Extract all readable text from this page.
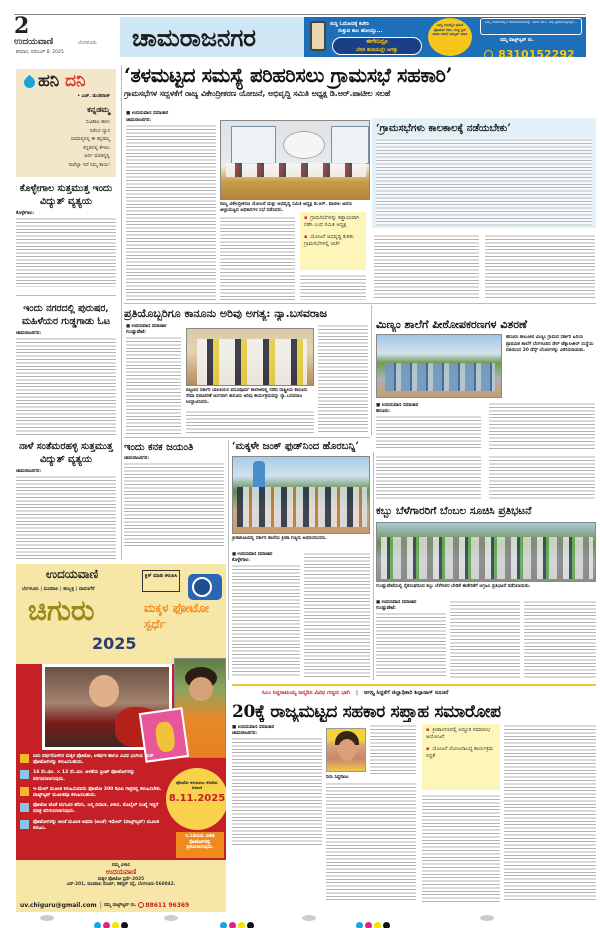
2
ಉದಯವಾಣಿ	ಬೆಂಗಳೂರು
ಶನಿವಾರ, ನವೆಂಬರ್ 8, 2025
ಚಾಮರಾಜನಗರ	ಸುದ್ದಿ ಓದೋದಕ್ಕೆ ಕಚೇರಿ
ಸುತ್ತುವ ಕಾಲ ಹೋಯ್ತು...
ಈಗೇನಿದ್ರೂ
ಬೆರಳ ತುದಿಯಲ್ಲೇ ಜಗತ್ತು
ನಿಮ್ಮ ಊರಲ್ಲಿನ ಘಟನೆ ಫೋಟೋ ಕಳಿಸಿ. ಸುದ್ದಿ ಕ್ಲಿಕ್ ಮಾಡಿ ನಮಗೆ ವಾಟ್ಸಪ್ ಮಾಡಿ
ನಿಮ್ಮ ಊರುಗಳಲ್ಲಿನ ಆಗುಹೋಗುಗಳನ್ನು ನಮಗೆ ತಿಳಿಸಿ. ಅವು ಪ್ರಕಟಗೊಳ್ಳುತ್ತವೆ...
ನಮ್ಮ ವಾಟ್ಸ್ಆ್ಯಪ್ ನಂ.
8310152292
ಹನಿ ದನಿ
• ಎಚ್. ಡುಂಡಿರಾಜ್
ಕನ್ನಡಮ್ಮ
ಸುವಿಶಾಲ ಹಾಳು
ನಡೆಸಿದ ದ್ವಾರ
ಸಾಮಾನ್ಯರಲ್ಲಿ ಈ ಕನ್ನಡಮ್ಮ
ಕನ್ನಡದಲ್ಲಿ ಕೇಳಲು
ಅರ್ಥ ಮಾಡಿದ್ದಲ್ಲಿ
ನಾವೆಲ್ಲಾ ಇದೆ ನಮ್ಮ ತಾಯಿ!
ಕೊಳ್ಳೇಗಾಲ ಸುತ್ತಮುತ್ತ ಇಂದು ವಿದ್ಯುತ್ ವ್ಯತ್ಯಯ
ಕೊಳ್ಳೇಗಾಲ:
ಇಂದು ನಗರದಲ್ಲಿ ಪುರುಷರ, ಮಹಿಳೆಯರ ಗುಡ್ಡಗಾಡು ಓಟ
ಚಾಮರಾಜನಗರ:
ನಾಳೆ ಸಂತೆಮರಹಳ್ಳಿ ಸುತ್ತಮುತ್ತ ವಿದ್ಯುತ್ ವ್ಯತ್ಯಯ
ಚಾಮರಾಜನಗರ:
‘ತಳಮಟ್ಟದ ಸಮಸ್ಯೆ ಪರಿಹರಿಸಲು ಗ್ರಾಮಸಭೆ ಸಹಕಾರಿ’
ಗ್ರಾಮಸಭೆಗಳ ಸದ್ಬಳಕೆಗೆ ರಾಜ್ಯ ವಿಕೇಂದ್ರೀಕರಣ ಯೋಜನೆ, ಅಭಿವೃದ್ಧಿ ಸಮಿತಿ ಅಧ್ಯಕ್ಷ ಡಿ.ಆರ್.ಪಾಟೀಲ ಸಲಹೆ
■ ಉದಯವಾಣಿ ಸಮಾಚಾರ
ಚಾಮರಾಜನಗರ:
ರಾಜ್ಯ ವಿಕೇಂದ್ರೀಕರಣ ಯೋಜನೆ ಮತ್ತು ಅಭಿವೃದ್ಧಿ ಸಮಿತಿ ಅಧ್ಯಕ್ಷ ಡಿ.ಆರ್. ಪಾಟೀಲ ಅವರು ಜಿಲ್ಲಾಮಟ್ಟದ ಅಧಿಕಾರಿಗಳ ಸಭೆ ನಡೆಸಿದರು.
▪ ಗ್ರಾಮಸಭೆಗಳನ್ನು ಕಡ್ಡಾಯವಾಗಿ ನಡೆಸಿ ಎಂದ ಸಮಿತಿ ಅಧ್ಯಕ್ಷ
▪ ಯೋಜನೆ ಅಭಿವೃದ್ಧಿ ಕುರಿತು ಗ್ರಾಮಸಭೆಗಳಲ್ಲಿ ಚರ್ಚೆ
‘ಗ್ರಾಮಸಭೆಗಳು ಕಾಲಕಾಲಕ್ಕೆ ನಡೆಯಬೇಕು’
ಪ್ರತಿಯೊಬ್ಬರಿಗೂ ಕಾನೂನು ಅರಿವು ಅಗತ್ಯ: ನ್ಯಾ.ಬಸವರಾಜ
■ ಉದಯವಾಣಿ ಸಮಾಚಾರ
ಗುಂಡ್ಲುಪೇಟೆ:
ಪಟ್ಟಣದ ಸರ್ಕಾರಿ ಬಾಲಕಿಯರ ಪದವಿಪೂರ್ವ ಕಾಲೇಜಿನಲ್ಲಿ ನಡೆದ ರಾಷ್ಟ್ರೀಯ ಕಾನೂನು ಸೇವಾ ದಿನಾಚರಣೆ ಅಂಗವಾಗಿ ಕಾನೂನು ಅರಿವು ಕಾರ್ಯಕ್ರಮವನ್ನು ನ್ಯಾ.ಬಸವರಾಜ ಉದ್ಘಾಟಿಸಿದರು.
ಮಿಣ್ಯಂ ಶಾಲೆಗೆ ಪೀಠೋಪಕರಣಗಳ ವಿತರಣೆ
ಹನೂರು ತಾಲೂಕಿನ ಮಿಣ್ಯಂ ಗ್ರಾಮದ ಸರ್ಕಾರಿ ಹಿರಿಯ ಪ್ರಾಥಮಿಕ ಶಾಲೆಗೆ ಬೆಂಗಳೂರಿನ ಡೆಲ್ ಟೆಕ್ನಾಲಜೀಸ್ ಸಂಸ್ಥೆಯ ವತಿಯಿಂದ 30 ಡೆಸ್ಕ್ ಬೆಂಚುಗಳನ್ನು ವಿತರಿಸಲಾಯಿತು.
■ ಉದಯವಾಣಿ ಸಮಾಚಾರ
ಹನೂರು:
ಇಂದು ಕನಕ ಜಯಂತಿ
ಚಾಮರಾಜನಗರ:
‘ಮಕ್ಕಳೇ ಜಂಕ್ ಫುಡ್‌ನಿಂದ ಹೊರಬನ್ನಿ’
ಕ್ರೀಡಾಕೂಟದಲ್ಲಿ ಸರ್ಕಾರಿ ಶಾಲೆಯ ಕ್ರೀಡಾ ಗಣ್ಯರು ಅಭಿನಂದಿಸಿದರು.
■ ಉದಯವಾಣಿ ಸಮಾಚಾರ
ಕೊಳ್ಳೇಗಾಲ:
ಕಬ್ಬು ಬೆಳೆಗಾರರಿಗೆ ಬೆಂಬಲ ಸೂಚಿಸಿ ಪ್ರತಿಭಟನೆ
ಗುಂಡ್ಲುಪೇಟೆಯಲ್ಲಿ ರೈತಸಂಘದಿಂದ ಕಬ್ಬು ಬೆಳೆಗಾರರ ಬೇಡಿಕೆ ಈಡೇರಿಕೆಗೆ ಆಗ್ರಹಿಸಿ ಪ್ರತಿಭಟನೆ ನಡೆಸಲಾಯಿತು.
■ ಉದಯವಾಣಿ ಸಮಾಚಾರ
ಗುಂಡ್ಲುಪೇಟೆ:
ಸಿಎಂ ಸಿದ್ದರಾಮಯ್ಯ ಜನ್ಮದಿನ ವಿವಿಧ ಗಣ್ಯರು ಭಾಗಿ	|	ಆಗಸ್ತ್ಯ ಸಿದ್ದತೆಗೆ ಜಿಲ್ಲಾಧಿಕಾರಿ ಶಿಲ್ಪಾನಾಗ್ ಸೂಚನೆ
20ಕ್ಕೆ ರಾಜ್ಯಮಟ್ಟದ ಸಹಕಾರ ಸಪ್ತಾಹ ಸಮಾರೋಪ
■ ಉದಯವಾಣಿ ಸಮಾಚಾರ
ಚಾಮರಾಜನಗರ:
ನಿರಂ ಸಿದ್ದರಾಜು
▪ ಕ್ರೀಡಾಂಗಣದಲ್ಲಿ ಅದ್ದೂರಿ ಸಮಾರಂಭ ಆಯೋಜನೆ
▪ ಯೋಜನೆ ಯೋಜನಾಬದ್ಧ ಕಾರ್ಯಕ್ರಮ ಸಿದ್ದತೆ
ಉದಯವಾಣಿ
ಬೆಂಗಳೂರು | ಮಣಿಪಾಲ | ಹುಬ್ಬಳ್ಳಿ | ದಾವಣಗೆರೆ
ಕ್ಲಿಕ್ ಮಾಡಿ ಕಳುಹಿಸಿ
ಚಿಗುರು
2025
ಮಕ್ಕಳ ಫೋಟೋ ಸ್ಪರ್ಧೆ
ಐದು ವರ್ಷದೊಳಗಿನ ಮಕ್ಕಳ ಫೋಟೋ, ಆಕರ್ಷಕ ಹಾಗೂ ವಿವಿಧ ಭಂಗಿಯ ಕಲರ್ ಫೋಟೋಗಳನ್ನು ಕಳುಹಿಸಬಹುದು.
16 ಸೆಂ.ಮೀ. × 12 ಸೆಂ.ಮೀ. ಅಳತೆಯ ಪ್ರಿಂಟ್ ಫೋಟೋಗಳನ್ನು ಪರಿಗಣಿಸಲಾಗುವುದು.
ಇ-ಮೇಲ್ ಮೂಲಕ ಕಳುಹಿಸುವವರು ಫೋಟೋ 300 ಡಿಪಿಐ ಗಾತ್ರದಲ್ಲಿ ಕಳುಹಿಸಬೇಕು. ವಾಟ್ಸ್ಆ್ಯಪ್ ಮೂಲಕವೂ ಕಳುಹಿಸಬಹುದು.
ಫೋಟೋ ಜೊತೆ ಮಗುವಿನ ಹೆಸರು, ಜನ್ಮ ದಿನಾಂಕ, ವಿಳಾಸ, ಮೊಬೈಲ್ ಸಂಖ್ಯೆ ಇದ್ದರೆ ಮಾತ್ರ ಪರಿಗಣಿಸಲಾಗುವುದು.
ಫೋಟೋಗಳನ್ನು ಅಂಚೆ ಮೂಲಕ ಅಥವಾ (ಅಂಚೆ) ಇಮೇಲ್ (ವಾಟ್ಸ್ಆ್ಯಪ್) ಮೂಲಕ ಕಳುಹಿಸಿ.
ಫೋಟೋ ಕಳುಹಿಸಲು ಕೊನೆಯ ದಿನಾಂಕ
8.11.2025
ನ.14ರಂದು ವಿಜೇತ ಫೋಟೋಗಳನ್ನು ಪ್ರಕಟಿಸಲಾಗುವುದು.
ನಮ್ಮ ವಿಳಾಸ
ಉದಯವಾಣಿ
ಮಕ್ಕಳ ಫೋಟೋ ಸ್ಪರ್ಧೆ-2025
ಎನ್-201, ಮಣಿಪಾಲ ಸೆಂಟರ್, ಡಿಕನ್ಸನ್ ರಸ್ತೆ, ಬೆಂಗಳೂರು-560042.
uv.chiguru@gmail.com | ನಮ್ಮ ವಾಟ್ಸ್ಆ್ಯಪ್ ನಂ.	88611 96369
